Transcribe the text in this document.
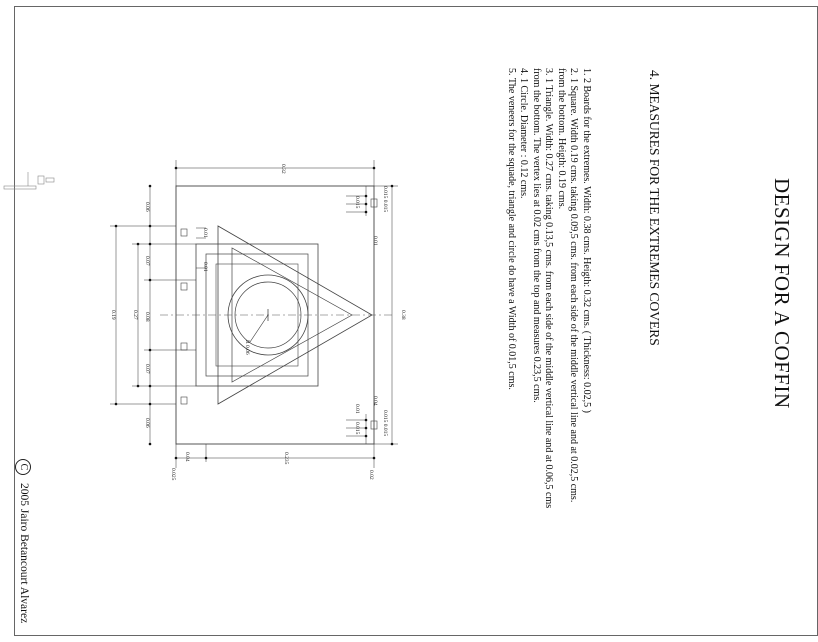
DESIGN FOR A COFFIN
4. MEASURES FOR THE EXTREMES COVERS
1. 2 Boards for the extremes. Width: 0.38 cms. Heigth: 0.32 cms. ( Thickness: 0.02,5 )
2. 1 Square. Width 0.19 cms. taking 0.09,5 cms. from each side of the middle vertical line and at 0.02,5 cms.
from the bottom. Heigth: 0.19 cms.
3. 1 Triangle. Width: 0.27 cms. taking 0.13,5 cms. from each side of the middle vertical line and at 0.06,5 cms
from the bottom. The vertex lies at 0.02 cms from the top and measures 0.23,5 cms.
4. 1 Circle. Diameter : 0.12 cms.
5. The veneers for the squade, triangle and circle do have a Width of 0.01,5 cms.
C2005 Jairo Betancourt Alvarez
R 0.06
0.32
0.38
0.235
0.04
0.025	0.02
0.19	0.27
0.06
0.07
0.08
0.07
0.06
0.01
0.01
0.015 0.015
0.015
0.01
0.015 0.015
0.015
0.01
0.04
